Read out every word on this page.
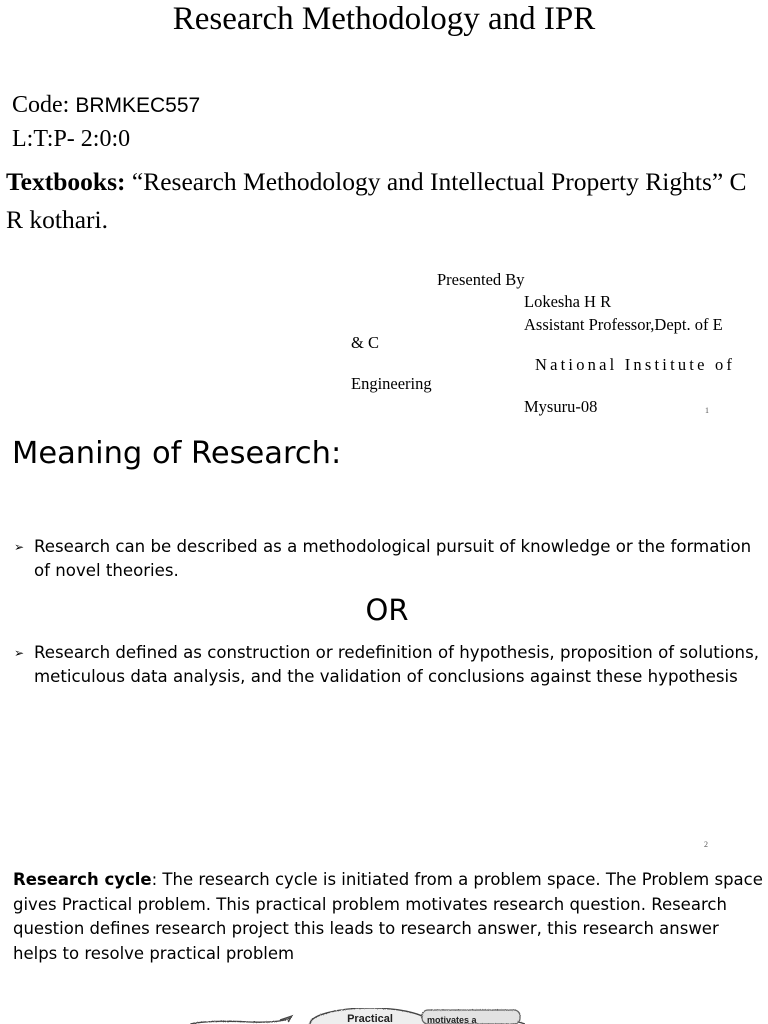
Research Methodology and IPR
Code: BRMKEC557
L:T:P- 2:0:0
Textbooks: “Research Methodology and Intellectual Property Rights” C R kothari.
Presented By
Lokesha H R
Assistant Professor,Dept. of E
& C
National Institute of
Engineering
Mysuru-08	1
Meaning of Research:
➢ Research can be described as a methodological pursuit of knowledge or the formation of novel theories.
OR
➢ Research defined as construction or redefinition of hypothesis, proposition of solutions, meticulous data analysis, and the validation of conclusions against these hypothesis
2
Research cycle: The research cycle is initiated from a problem space. The Problem space gives Practical problem. This practical problem motivates research question. Research question defines research project this leads to research answer, this research answer helps to resolve practical problem
Practical	motivates a
